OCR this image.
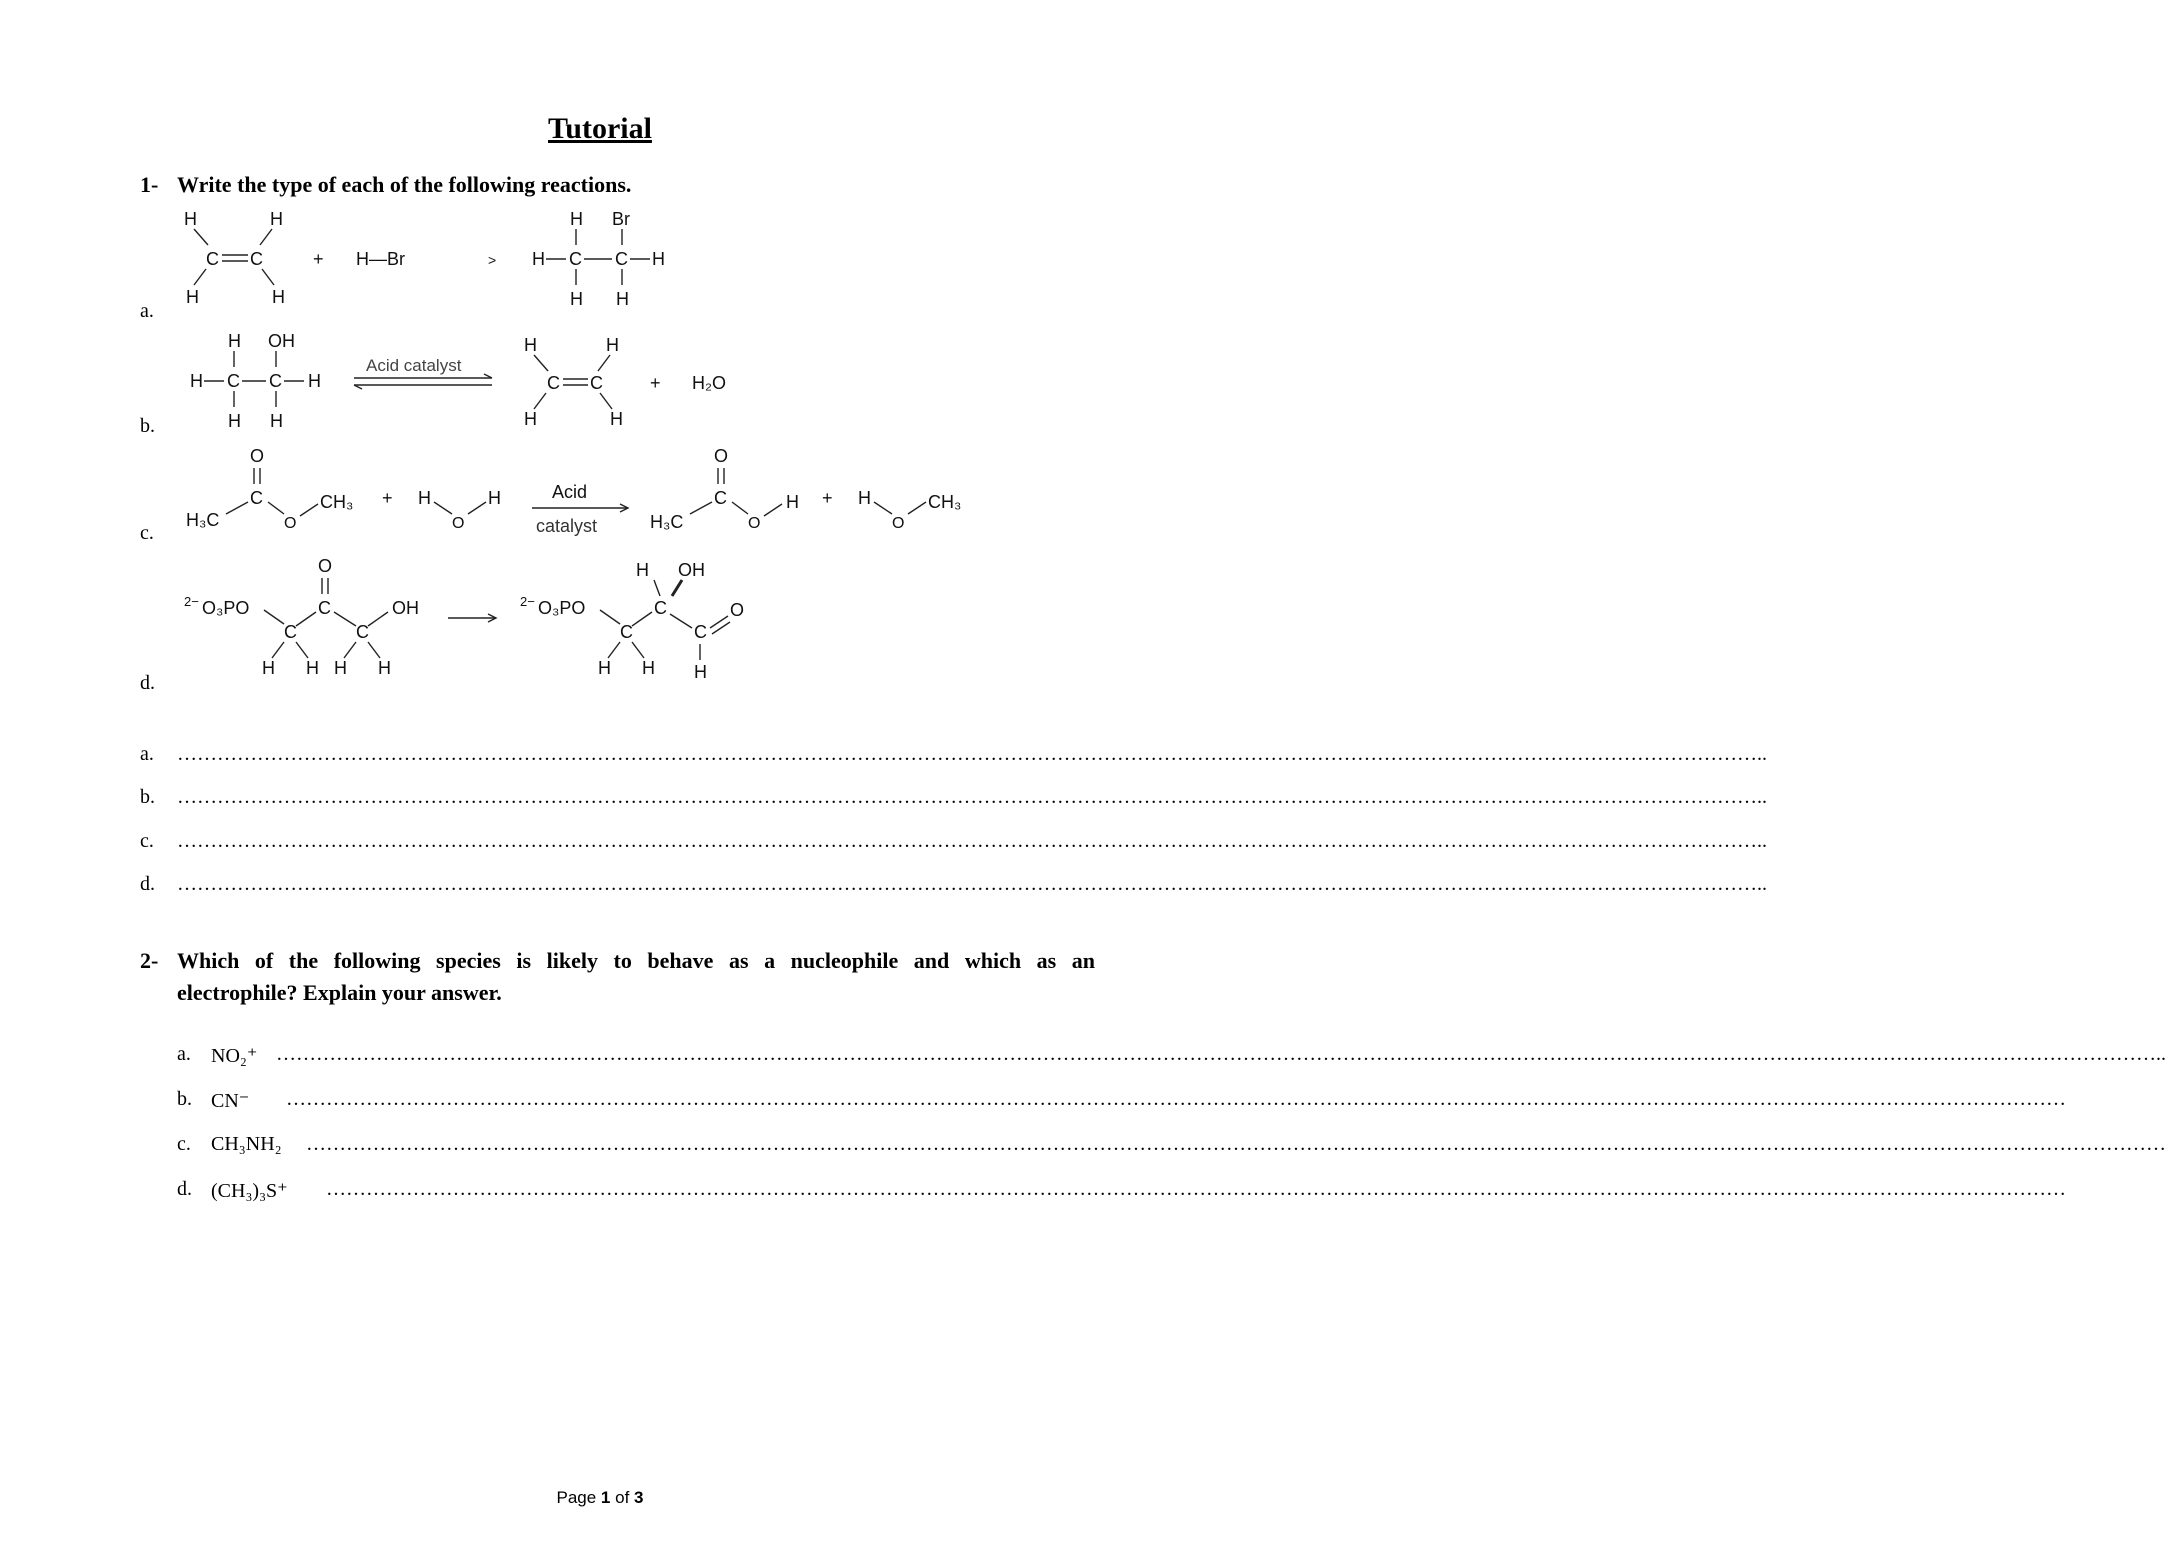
Tutorial
1- Write the type of each of the following reactions.
H	H
C C
H	H
+ H—Br	>
H Br
H C C H
H H
a.
H OH
H C C H
H H
Acid catalyst
H	H
C C
H	H
+ H₂O
b.
O
C
H₃C	O
CH₃ + H
O
H	Acid
catalyst
O
C
H₃C	O
H + H
O
CH₃
c.
2− O₃PO
C
O
C
C
OH
H H H H
2− O₃PO
C
C
H OH
C
O
H
H H
d.
a. …………………………………………………………………………………………………………………………………………………………………………………………………………………..
b. …………………………………………………………………………………………………………………………………………………………………………………………………………………..
c. …………………………………………………………………………………………………………………………………………………………………………………………………………………..
d. …………………………………………………………………………………………………………………………………………………………………………………………………………………..
2- Which of the following species is likely to behave as a nucleophile and which as an
electrophile? Explain your answer.
a. NO₂⁺ …………………………………………………………………………………………………………………………………………………………………………………………………………………………………………………………..
b. CN⁻ ……………………………………………………………………………………………………………………………………………………………………………………………………………………………………………
c. CH₃NH₂ ………………………………………………………………………………………………………………………………………………………………………………………………………………………………………………………
d. (CH₃)₃S⁺ ………………………………………………………………………………………………………………………………………………………………………………………………………………………………………
Page 1 of 3
